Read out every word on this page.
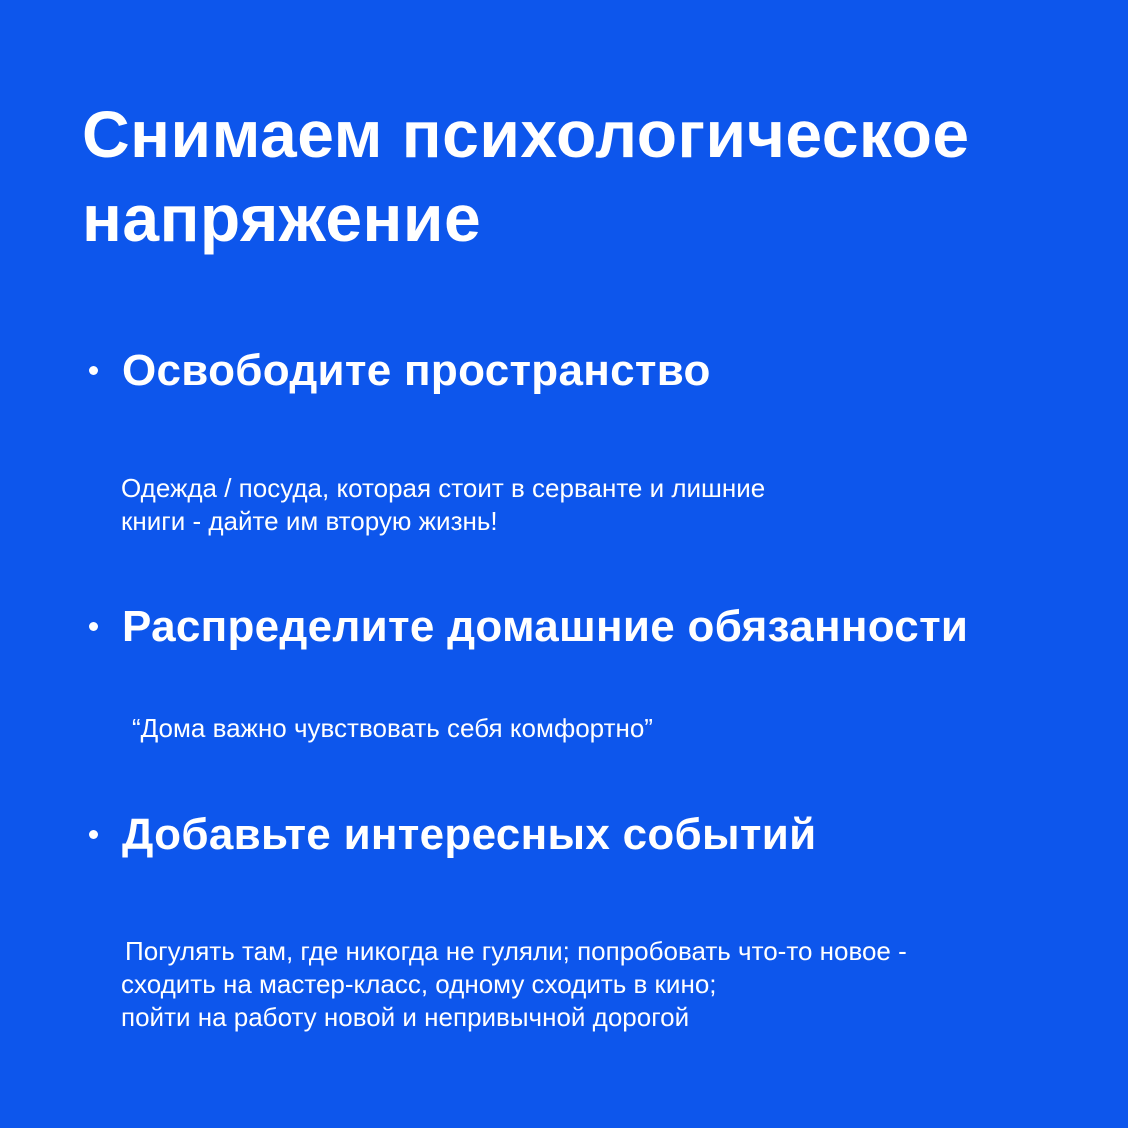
Снимаем психологическое
напряжение

Освободите пространство

Одежда / посуда, которая стоит в серванте и лишние
книги - дайте им вторую жизнь!

Распределите домашние обязанности

“Дома важно чувствовать себя комфортно”

Добавьте интересных событий

Погулять там, где никогда не гуляли; попробовать что-то новое -
сходить на мастер-класс, одному сходить в кино;
пойти на работу новой и непривычной дорогой
